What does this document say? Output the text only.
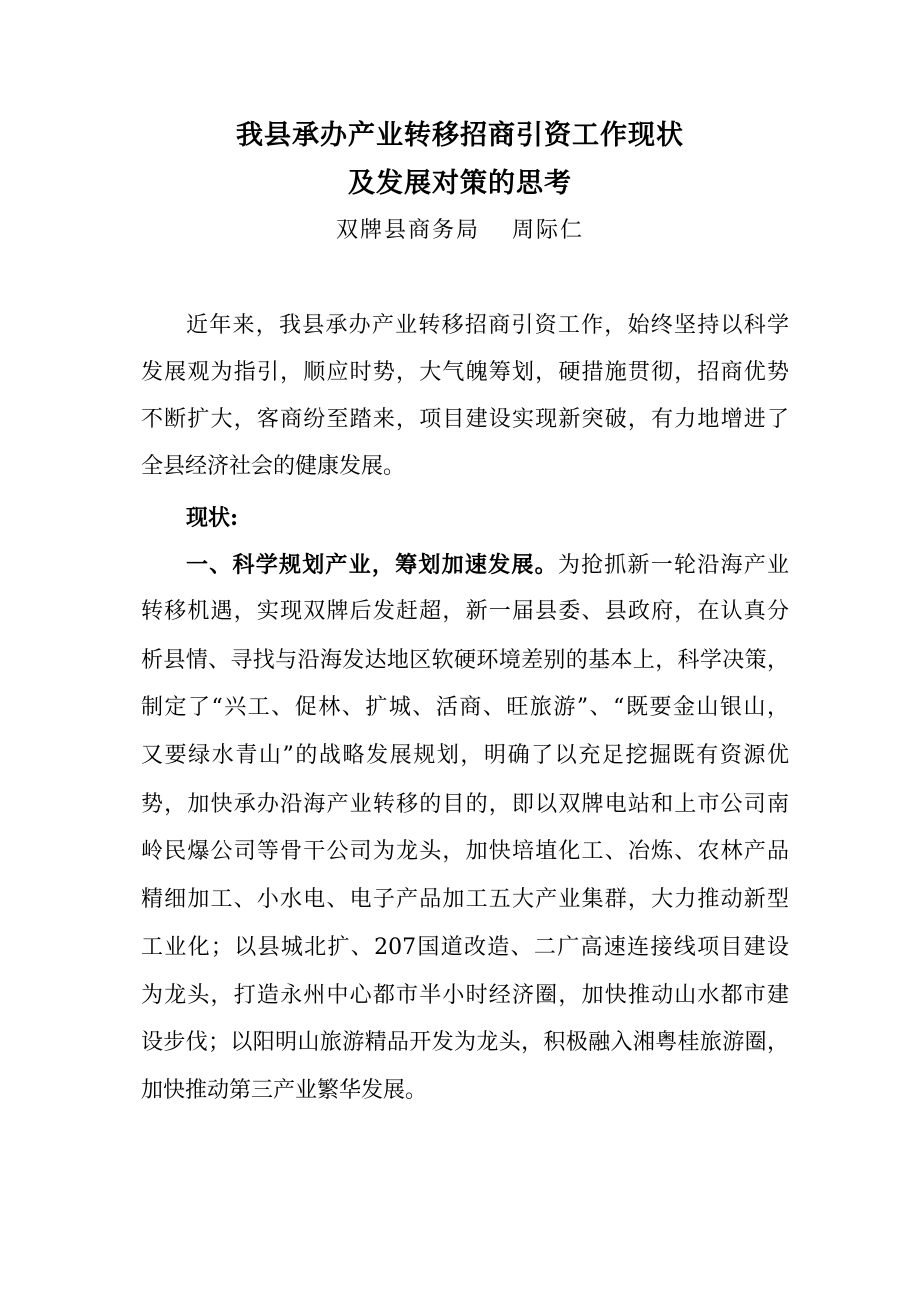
我县承办产业转移招商引资工作现状
及发展对策的思考
双牌县商务局 周际仁
近年来，我县承办产业转移招商引资工作，始终坚持以科学
发展观为指引，顺应时势，大气魄筹划，硬措施贯彻，招商优势
不断扩大，客商纷至踏来，项目建设实现新突破，有力地增进了
全县经济社会的健康发展。
现状:
一、科学规划产业，筹划加速发展。为抢抓新一轮沿海产业
转移机遇，实现双牌后发赶超，新一届县委、县政府，在认真分
析县情、寻找与沿海发达地区软硬环境差别的基本上，科学决策，
制定了“兴工、促林、扩城、活商、旺旅游”、“既要金山银山，
又要绿水青山”的战略发展规划，明确了以充足挖掘既有资源优
势，加快承办沿海产业转移的目的，即以双牌电站和上市公司南
岭民爆公司等骨干公司为龙头，加快培埴化工、冶炼、农林产品
精细加工、小水电、电子产品加工五大产业集群，大力推动新型
工业化；以县城北扩、207国道改造、二广高速连接线项目建设
为龙头，打造永州中心都市半小时经济圈，加快推动山水都市建
设步伐；以阳明山旅游精品开发为龙头，积极融入湘粤桂旅游圈，
加快推动第三产业繁华发展。
